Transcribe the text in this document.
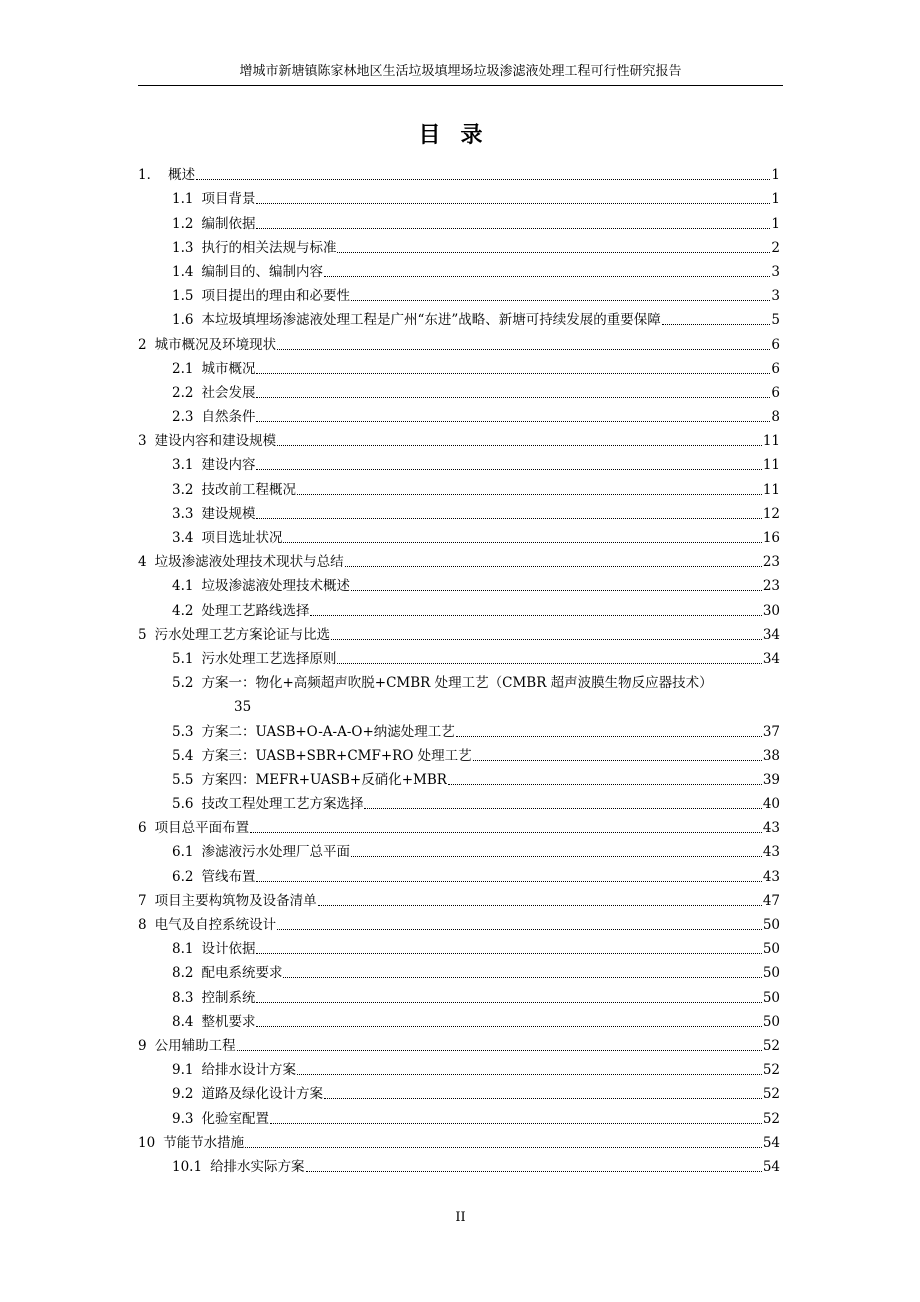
增城市新塘镇陈家林地区生活垃圾填埋场垃圾渗滤液处理工程可行性研究报告
目录
1． 概述	1
1.1 项目背景	1
1.2 编制依据	1
1.3 执行的相关法规与标准	2
1.4 编制目的、编制内容	3
1.5 项目提出的理由和必要性	3
1.6 本垃圾填埋场渗滤液处理工程是广州“东进”战略、新塘可持续发展的重要保障	5
2 城市概况及环境现状	6
2.1 城市概况	6
2.2 社会发展	6
2.3 自然条件	8
3 建设内容和建设规模	11
3.1 建设内容	11
3.2 技改前工程概况	11
3.3 建设规模	12
3.4 项目选址状况	16
4 垃圾渗滤液处理技术现状与总结	23
4.1 垃圾渗滤液处理技术概述	23
4.2 处理工艺路线选择	30
5 污水处理工艺方案论证与比选	34
5.1 污水处理工艺选择原则	34
5.2 方案一：物化+高频超声吹脱+CMBR 处理工艺（CMBR 超声波膜生物反应器技术）
35
5.3 方案二：UASB+O-A-A-O+纳滤处理工艺	37
5.4 方案三：UASB+SBR+CMF+RO 处理工艺	38
5.5 方案四：MEFR+UASB+反硝化+MBR	39
5.6 技改工程处理工艺方案选择	40
6 项目总平面布置	43
6.1 渗滤液污水处理厂总平面	43
6.2 管线布置	43
7 项目主要构筑物及设备清单	47
8 电气及自控系统设计	50
8.1 设计依据	50
8.2 配电系统要求	50
8.3 控制系统	50
8.4 整机要求	50
9 公用辅助工程	52
9.1 给排水设计方案	52
9.2 道路及绿化设计方案	52
9.3 化验室配置	52
10 节能节水措施	54
10.1 给排水实际方案	54
II
